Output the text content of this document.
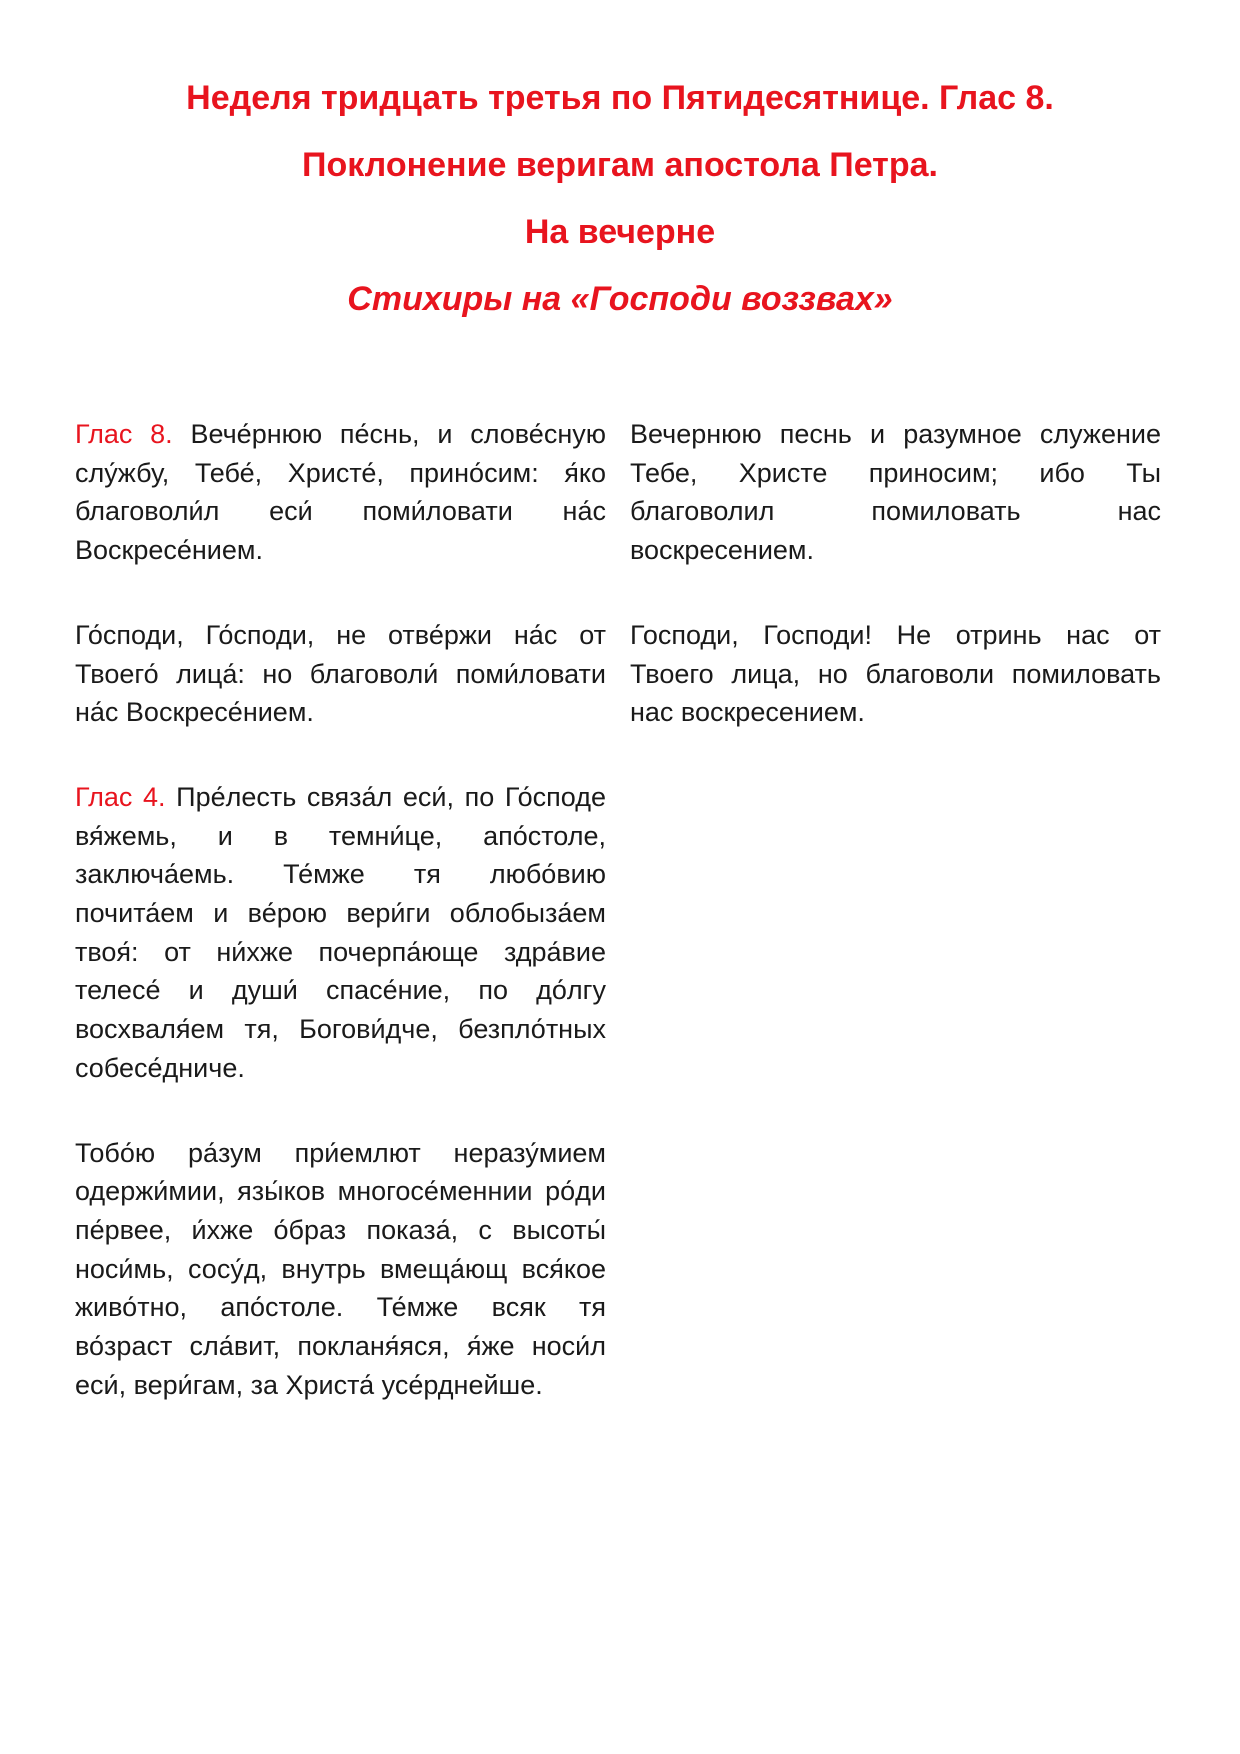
Неделя тридцать третья по Пятидесятнице. Глас 8.
Поклонение веригам апостола Петра.
На вечерне
Стихиры на «Господи воззвах»

Глас 8. Вече́рнюю пе́снь, и слове́сную слу́жбу, Тебе́, Христе́, прино́сим: я́ко благоволи́л еси́ поми́ловати на́с Воскресе́нием.

Го́споди, Го́споди, не отве́ржи на́с от Твоего́ лица́: но благоволи́ поми́ловати на́с Воскресе́нием.

Глас 4. Пре́лесть связа́л еси́, по Го́споде вя́жемь, и в темни́це, апо́столе, заключа́емь. Те́мже тя любо́вию почита́ем и ве́рою вери́ги облобыза́ем твоя́: от ни́хже почерпа́юще здра́вие телесе́ и души́ спасе́ние, по до́лгу восхваля́ем тя, Богови́дче, безпло́тных собесе́дниче.

Тобо́ю ра́зум при́емлют неразу́мием одержи́мии, язы́ков многосе́меннии ро́ди пе́рвее, и́хже о́браз показа́, с высоты́ носи́мь, сосу́д, внутрь вмеща́ющ вся́кое живо́тно, апо́столе. Те́мже всяк тя во́зраст сла́вит, покланя́яся, я́же носи́л еси́, вери́гам, за Христа́ усе́рднейше.

Вечернюю песнь и разумное служение Тебе, Христе приносим; ибо Ты благоволил помиловать нас воскресением.

Господи, Господи! Не отринь нас от Твоего лица, но благоволи помиловать нас воскресением.
